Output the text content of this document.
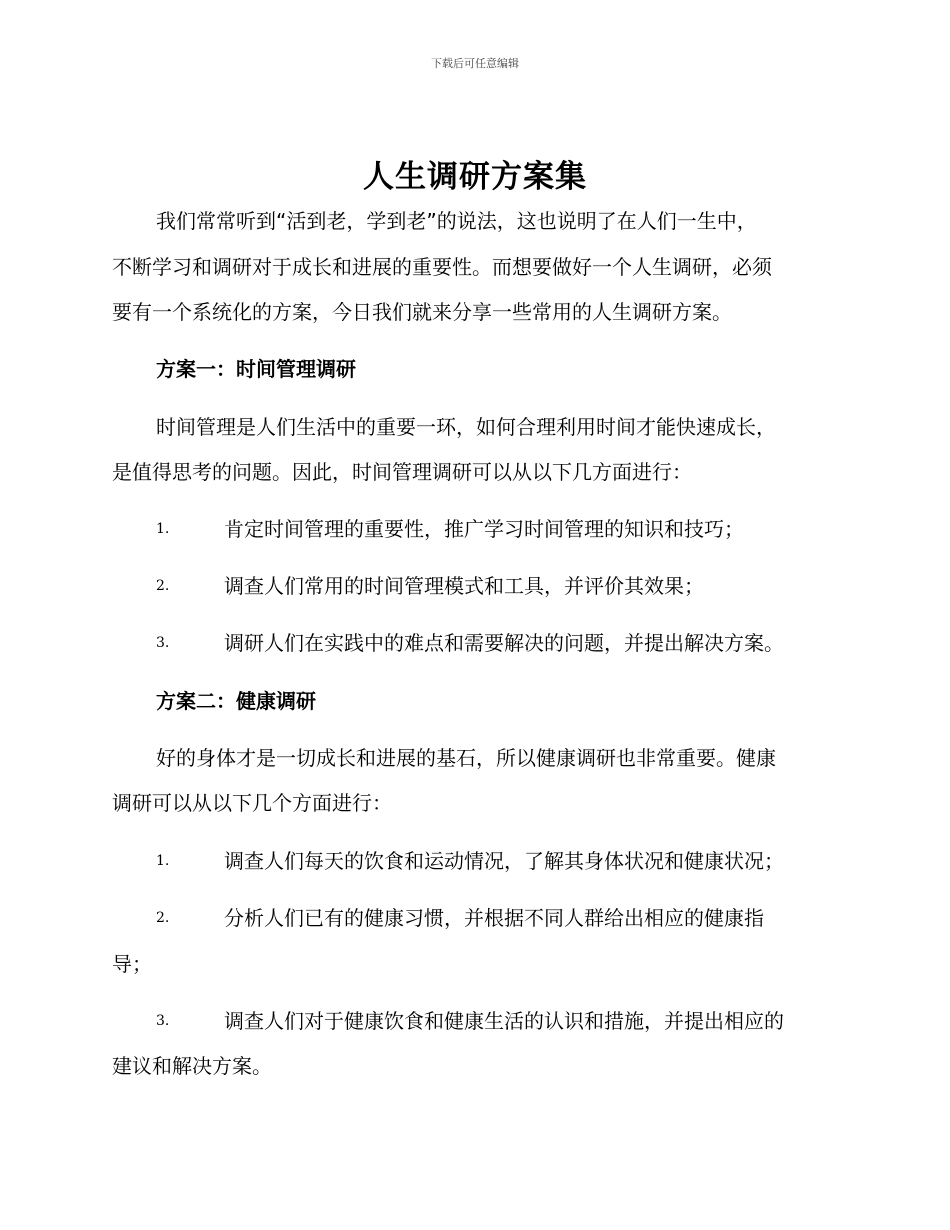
下载后可任意编辑
人生调研方案集
我们常常听到“活到老，学到老”的说法，这也说明了在人们一生中，
不断学习和调研对于成长和进展的重要性。而想要做好一个人生调研，必须
要有一个系统化的方案，今日我们就来分享一些常用的人生调研方案。
方案一：时间管理调研
时间管理是人们生活中的重要一环，如何合理利用时间才能快速成长，
是值得思考的问题。因此，时间管理调研可以从以下几方面进行：
1.	肯定时间管理的重要性，推广学习时间管理的知识和技巧；
2.	调查人们常用的时间管理模式和工具，并评价其效果；
3.	调研人们在实践中的难点和需要解决的问题，并提出解决方案。
方案二：健康调研
好的身体才是一切成长和进展的基石，所以健康调研也非常重要。健康
调研可以从以下几个方面进行：
1.	调查人们每天的饮食和运动情况，了解其身体状况和健康状况；
2.	分析人们已有的健康习惯，并根据不同人群给出相应的健康指
导；
3.	调查人们对于健康饮食和健康生活的认识和措施，并提出相应的
建议和解决方案。
